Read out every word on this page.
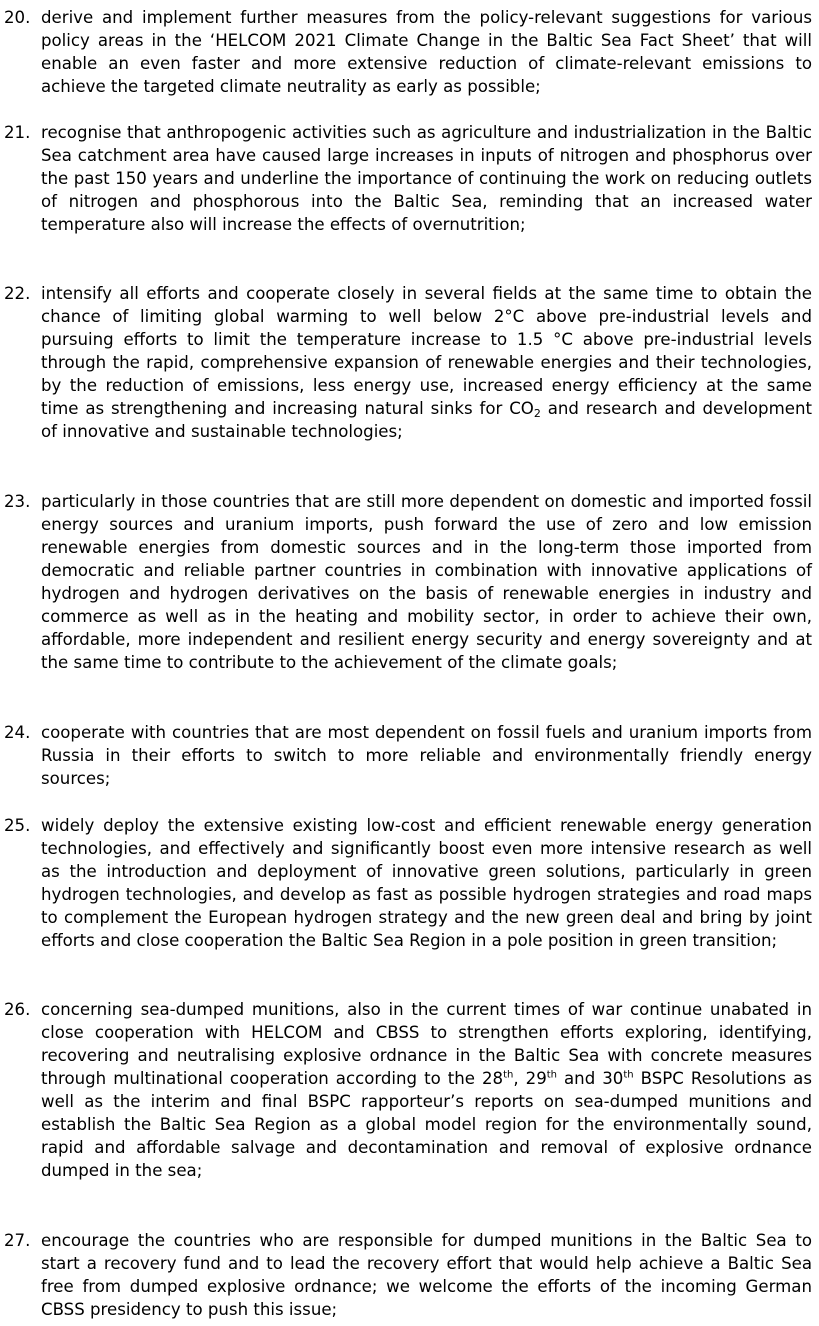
20. derive and implement further measures from the policy-relevant suggestions for various policy areas in the ‘HELCOM 2021 Climate Change in the Baltic Sea Fact Sheet’ that will enable an even faster and more extensive reduction of climate-relevant emissions to achieve the targeted climate neutrality as early as possible;
21. recognise that anthropogenic activities such as agriculture and industrialization in the Baltic Sea catchment area have caused large increases in inputs of nitrogen and phosphorus over the past 150 years and underline the importance of continuing the work on reducing outlets of nitrogen and phosphorous into the Baltic Sea, reminding that an increased water temperature also will increase the effects of overnutrition;
22. intensify all efforts and cooperate closely in several fields at the same time to obtain the chance of limiting global warming to well below 2°C above pre-industrial levels and pursuing efforts to limit the temperature increase to 1.5 °C above pre-industrial levels through the rapid, comprehensive expansion of renewable energies and their technologies, by the reduction of emissions, less energy use, increased energy efficiency at the same time as strengthening and increasing natural sinks for $CO_2$ and research and development of innovative and sustainable technologies;
23. particularly in those countries that are still more dependent on domestic and imported fossil energy sources and uranium imports, push forward the use of zero and low emission renewable energies from domestic sources and in the long-term those imported from democratic and reliable partner countries in combination with innovative applications of hydrogen and hydrogen derivatives on the basis of renewable energies in industry and commerce as well as in the heating and mobility sector, in order to achieve their own, affordable, more independent and resilient energy security and energy sovereignty and at the same time to contribute to the achievement of the climate goals;
24. cooperate with countries that are most dependent on fossil fuels and uranium imports from Russia in their efforts to switch to more reliable and environmentally friendly energy sources;
25. widely deploy the extensive existing low-cost and efficient renewable energy generation technologies, and effectively and significantly boost even more intensive research as well as the introduction and deployment of innovative green solutions, particularly in green hydrogen technologies, and develop as fast as possible hydrogen strategies and road maps to complement the European hydrogen strategy and the new green deal and bring by joint efforts and close cooperation the Baltic Sea Region in a pole position in green transition;
26. concerning sea-dumped munitions, also in the current times of war continue unabated in close cooperation with HELCOM and CBSS to strengthen efforts exploring, identifying, recovering and neutralising explosive ordnance in the Baltic Sea with concrete measures through multinational cooperation according to the 28th, 29th and 30th BSPC Resolutions as well as the interim and final BSPC rapporteur’s reports on sea-dumped munitions and establish the Baltic Sea Region as a global model region for the environmentally sound, rapid and affordable salvage and decontamination and removal of explosive ordnance dumped in the sea;
27. encourage the countries who are responsible for dumped munitions in the Baltic Sea to start a recovery fund and to lead the recovery effort that would help achieve a Baltic Sea free from dumped explosive ordnance; we welcome the efforts of the incoming German CBSS presidency to push this issue;
